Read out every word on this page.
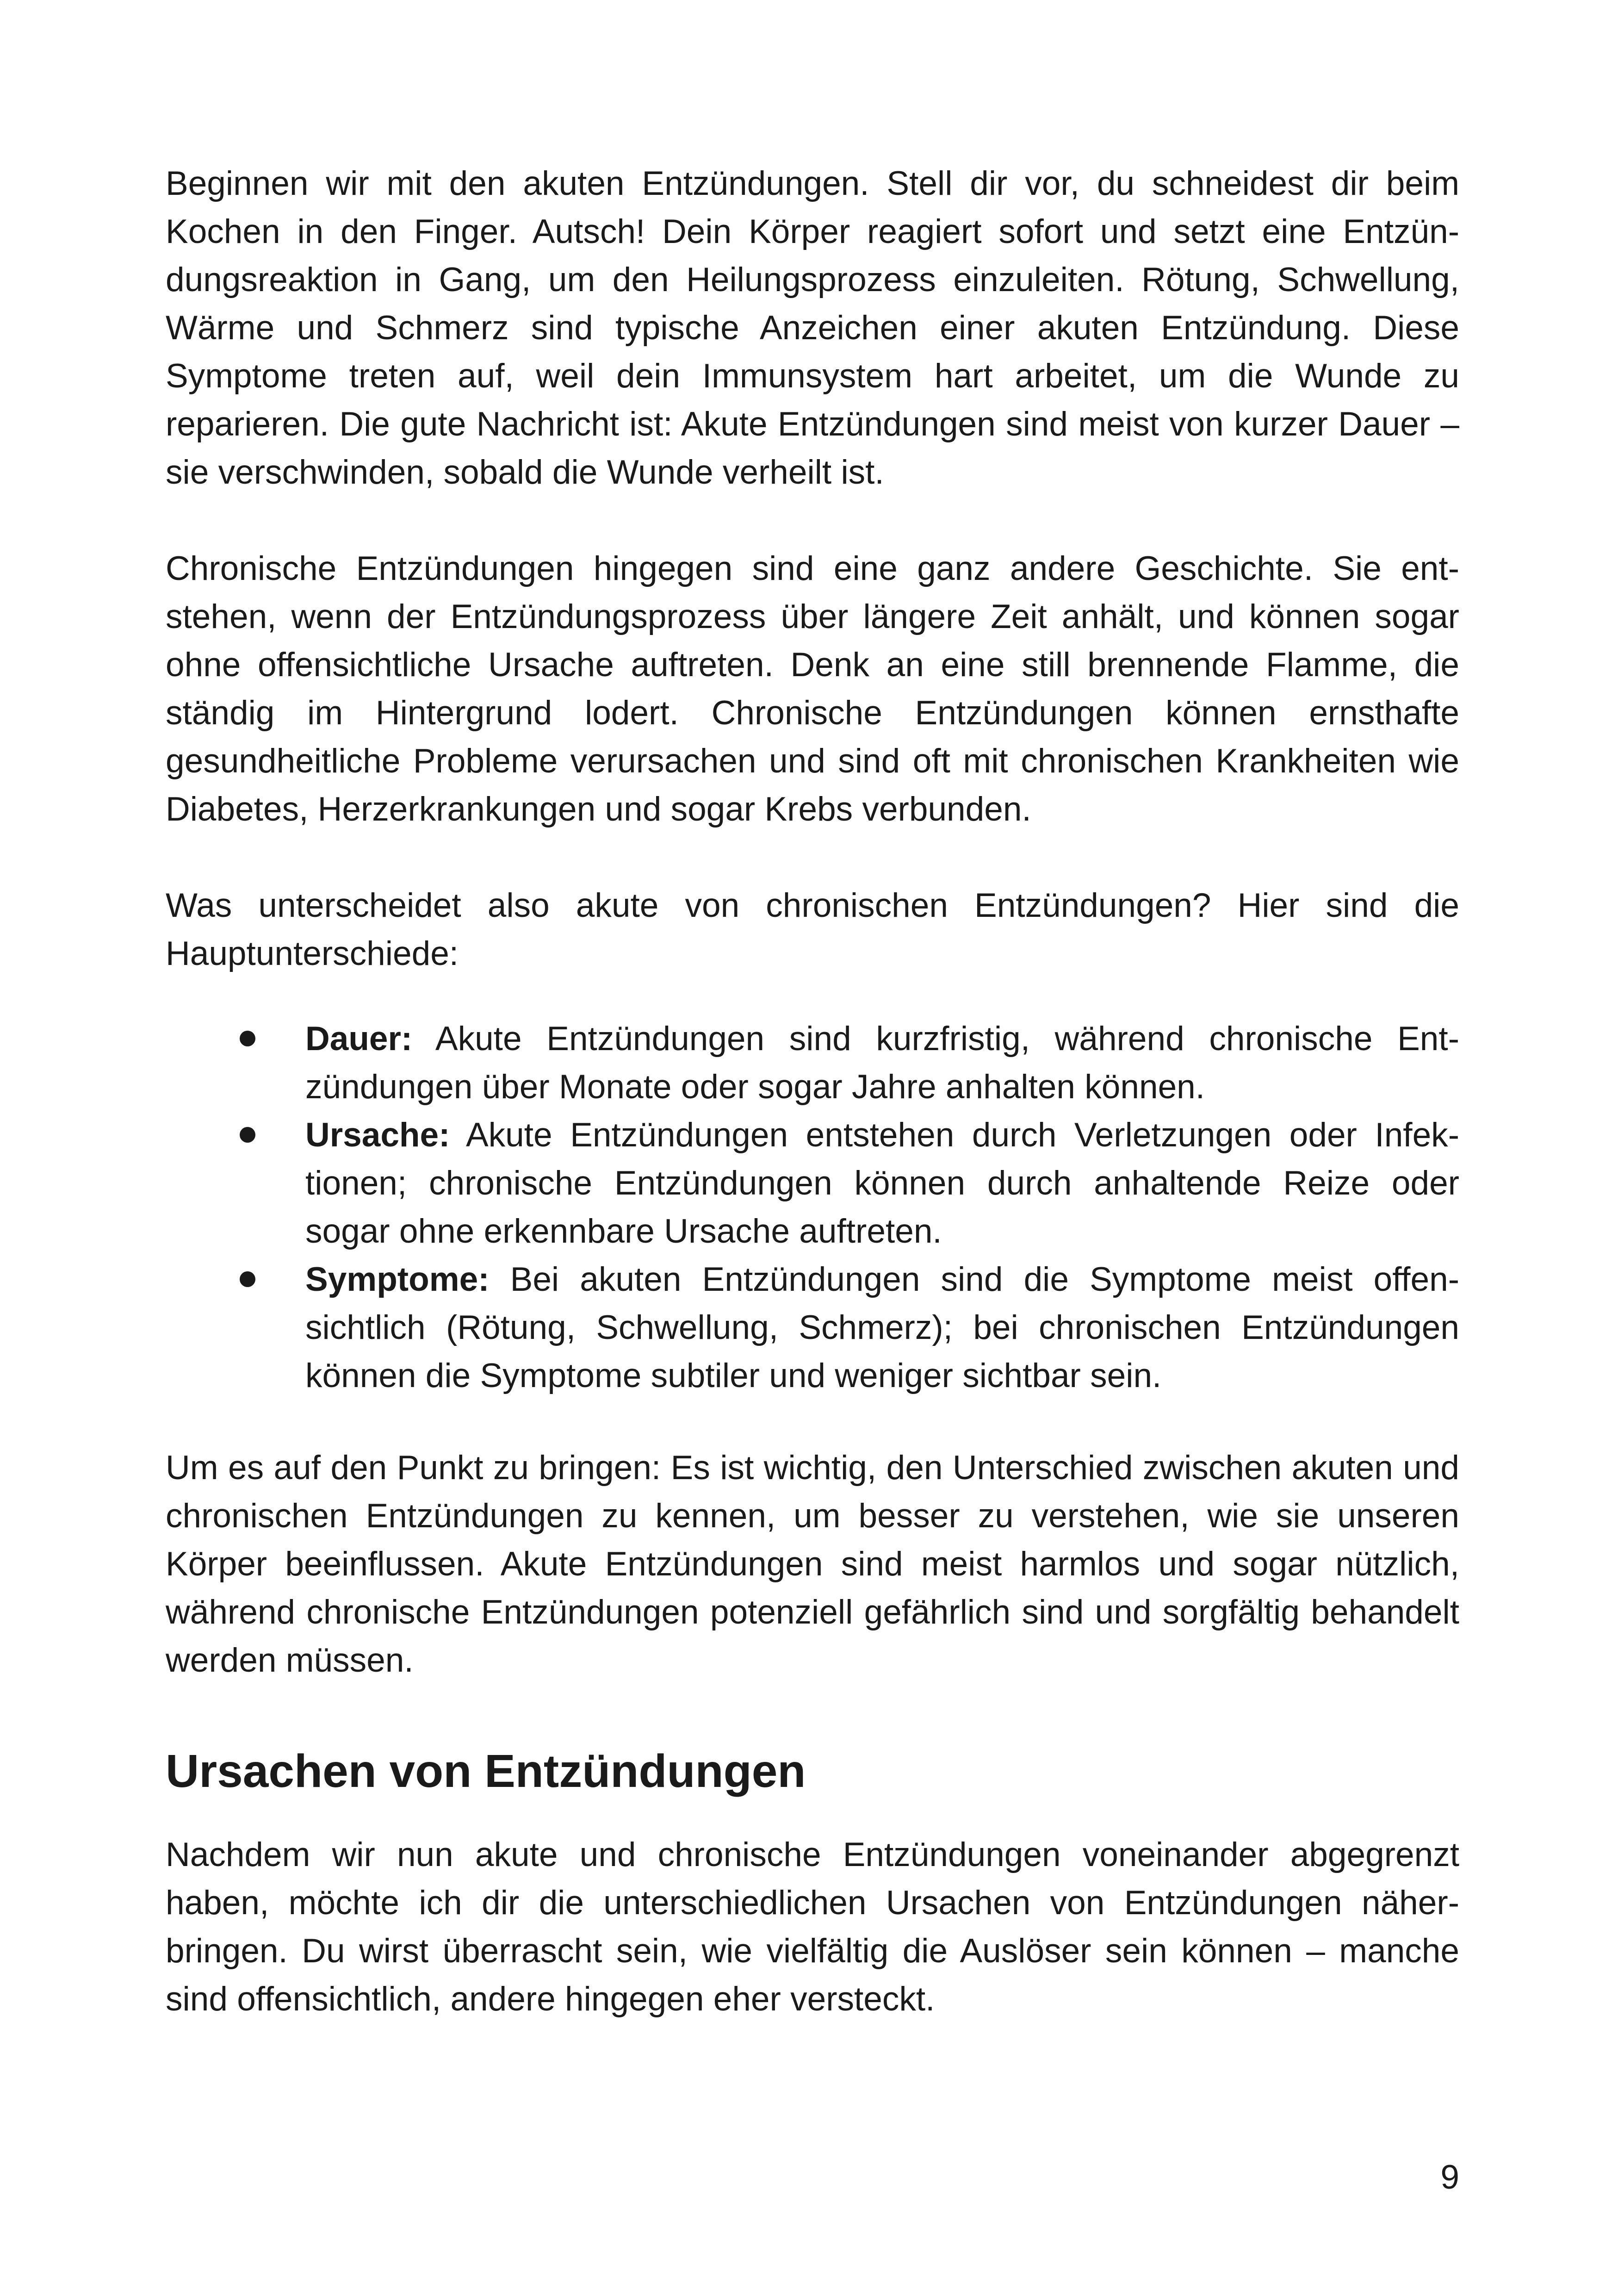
Beginnen wir mit den akuten Entzündungen. Stell dir vor, du schneidest dir beim Kochen in den Finger. Autsch! Dein Körper reagiert sofort und setzt eine Entzündungsreaktion in Gang, um den Heilungsprozess einzuleiten. Rötung, Schwellung, Wärme und Schmerz sind typische Anzeichen einer akuten Entzündung. Diese Symptome treten auf, weil dein Immunsystem hart arbeitet, um die Wunde zu reparieren. Die gute Nachricht ist: Akute Entzündungen sind meist von kurzer Dauer – sie verschwinden, sobald die Wunde verheilt ist.

Chronische Entzündungen hingegen sind eine ganz andere Geschichte. Sie entstehen, wenn der Entzündungsprozess über längere Zeit anhält, und können sogar ohne offensichtliche Ursache auftreten. Denk an eine still brennende Flamme, die ständig im Hintergrund lodert. Chronische Entzündungen können ernsthafte gesundheitliche Probleme verursachen und sind oft mit chronischen Krankheiten wie Diabetes, Herzerkrankungen und sogar Krebs verbunden.

Was unterscheidet also akute von chronischen Entzündungen? Hier sind die Hauptunterschiede:

Dauer: Akute Entzündungen sind kurzfristig, während chronische Entzündungen über Monate oder sogar Jahre anhalten können.
Ursache: Akute Entzündungen entstehen durch Verletzungen oder Infektionen; chronische Entzündungen können durch anhaltende Reize oder sogar ohne erkennbare Ursache auftreten.
Symptome: Bei akuten Entzündungen sind die Symptome meist offensichtlich (Rötung, Schwellung, Schmerz); bei chronischen Entzündungen können die Symptome subtiler und weniger sichtbar sein.

Um es auf den Punkt zu bringen: Es ist wichtig, den Unterschied zwischen akuten und chronischen Entzündungen zu kennen, um besser zu verstehen, wie sie unseren Körper beeinflussen. Akute Entzündungen sind meist harmlos und sogar nützlich, während chronische Entzündungen potenziell gefährlich sind und sorgfältig behandelt werden müssen.

Ursachen von Entzündungen

Nachdem wir nun akute und chronische Entzündungen voneinander abgegrenzt haben, möchte ich dir die unterschiedlichen Ursachen von Entzündungen näherbringen. Du wirst überrascht sein, wie vielfältig die Auslöser sein können – manche sind offensichtlich, andere hingegen eher versteckt.

9
